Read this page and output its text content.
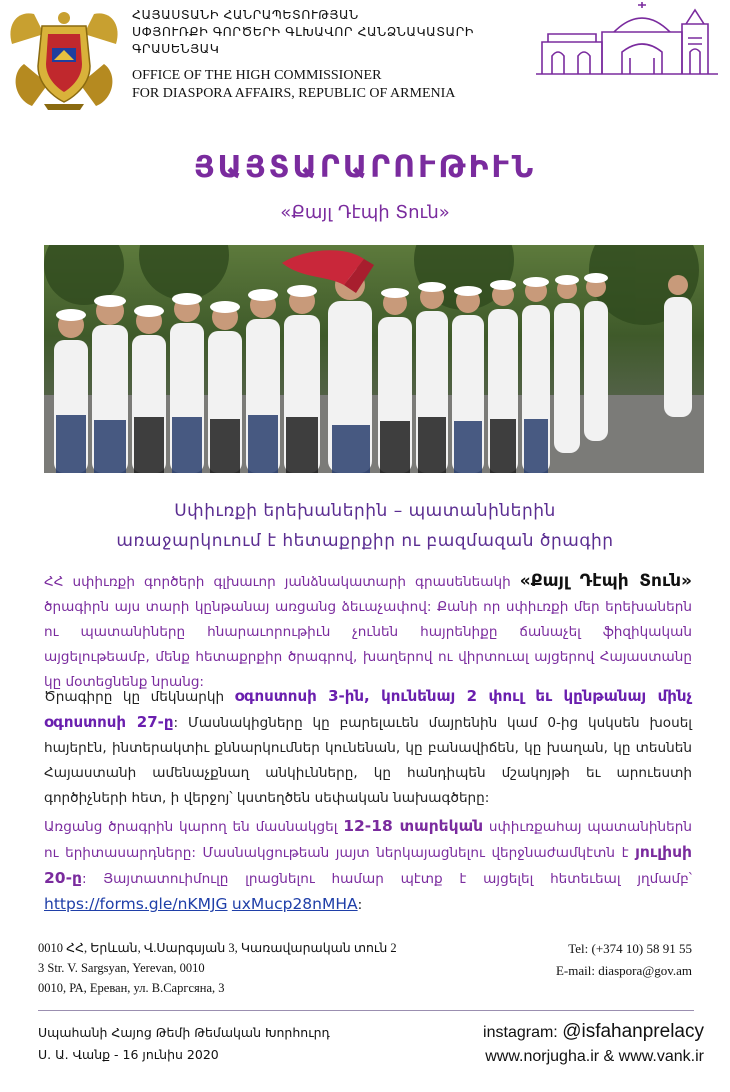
ՀԱՅԱՍՏԱՆԻ ՀԱՆՐԱՊԵՏՈՒԹՅԱՆ
ՍՓՅՈՒՌՔԻ ԳՈՐԾԵՐԻ ԳԼԽԱՎՈՐ ՀԱՆՁՆԱԿԱՏԱՐԻ
ԳՐԱՍԵՆՅԱԿ
OFFICE OF THE HIGH COMMISSIONER
FOR DIASPORA AFFAIRS, REPUBLIC OF ARMENIA
ՅԱՅՏԱՐԱՐՈՒԹԻՒՆ
«Քայլ Դէպի Տուն»
Սփիւռքի երեխաներին – պատանիներին
առաջարկուում է հետաքրքիր ու բազմազան ծրագիր
ՀՀ սփիւռքի գործերի գլխաւոր յանձնակատարի գրասենեակի «Քայլ Դէպի Տուն» ծրագիրն այս տարի կընթանայ առցանց ձեւաչափով: Քանի որ սփիւռքի մեր երեխաներն ու պատանիները հնարաւորութիւն չունեն հայրենիքը ճանաչել ֆիզիկական այցելութեամբ, մենք հետաքրքիր ծրագրով, խաղերով ու վիրտուալ այցերով Հայաստանը կը մօտեցնենք նրանց:
Ծրագիրը կը մեկնարկի օգոստոսի 3-ին, կունենայ 2 փուլ եւ կընթանայ մինչ օգոստոսի 27-ը: Մասնակիցները կը բարելաւեն մայրենին կամ 0-ից կսկսեն խօսել հայերէն, ինտերակտիւ քննարկումներ կունենան, կը բանավիճեն, կը խաղան, կը տեսնեն Հայաստանի ամենաչքնաղ անկիւնները, կը հանդիպեն մշակոյթի եւ արուեստի գործիչների հետ, ի վերջոյ՝ կստեղծեն սեփական նախագծերը:
Առցանց ծրագրին կարող են մասնակցել 12-18 տարեկան սփիւռքահայ պատանիներն ու երիտասարդները: Մասնակցութեան յայտ ներկայացնելու վերջնաժամկէտն է յուլիսի 20-ը: Յայտատուիմուլը լրացնելու համար պէտք է այցելել հետեւեալ յղմամբ՝ https://forms.gle/nKMJG uxMucp28nMHA:
0010 ՀՀ, Երևան, Վ.Սարգսյան 3, Կառավարական տուն 2
3 Str. V. Sargsyan, Yerevan, 0010
0010, РА, Ереван, ул. В.Саргсяна, 3
Tel: (+374 10) 58 91 55
E-mail: diaspora@gov.am
Սպահանի Հայոց Թեմի Թեմական Խորհուրդ
Ս. Ա. Վանք - 16 յունիս 2020
instagram: @isfahanprelacy
www.norjugha.ir & www.vank.ir
